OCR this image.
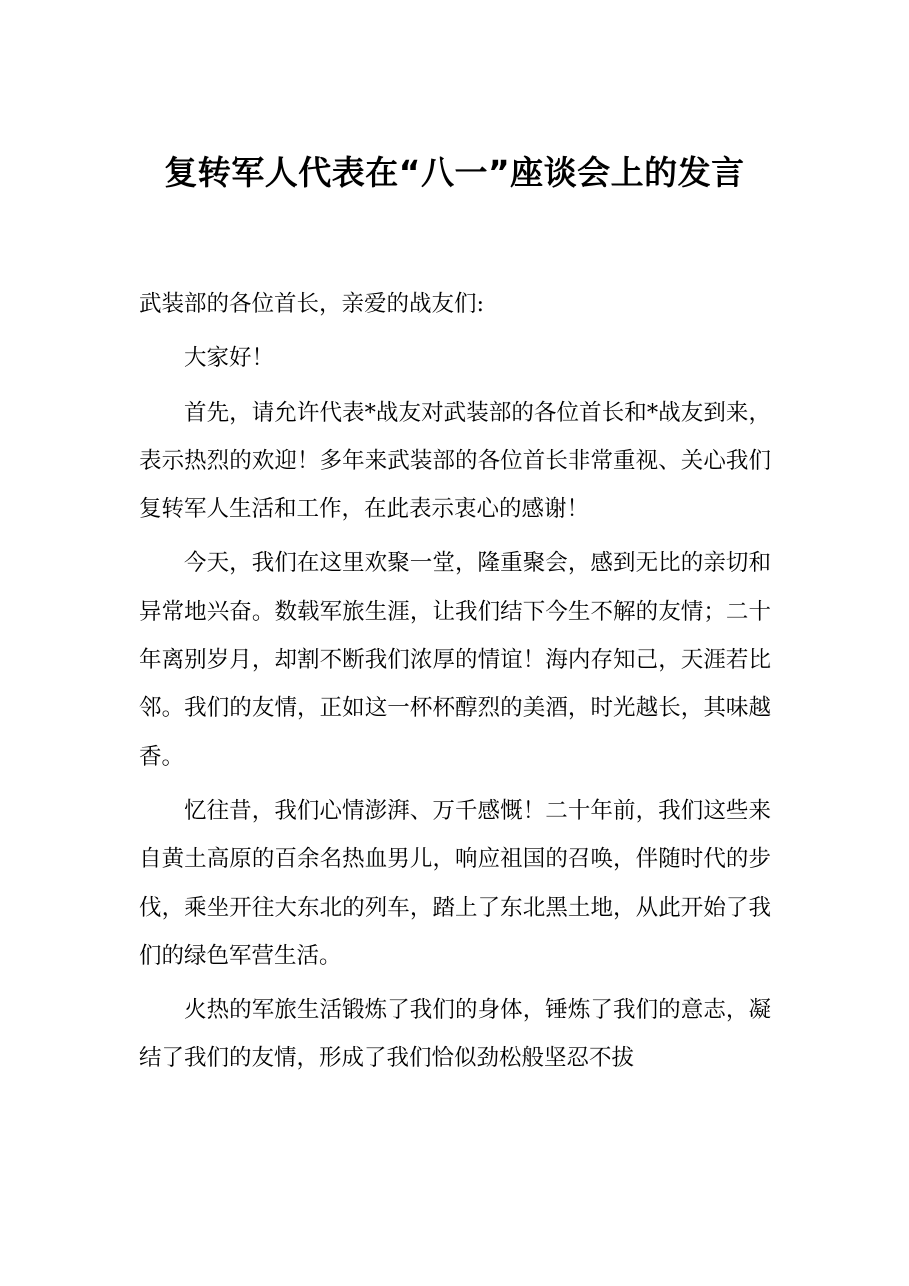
复转军人代表在“八一”座谈会上的发言

武装部的各位首长，亲爱的战友们:

大家好！

首先，请允许代表*战友对武装部的各位首长和*战友到来，表示热烈的欢迎！多年来武装部的各位首长非常重视、关心我们复转军人生活和工作，在此表示衷心的感谢！

今天，我们在这里欢聚一堂，隆重聚会，感到无比的亲切和异常地兴奋。数载军旅生涯，让我们结下今生不解的友情；二十年离别岁月，却割不断我们浓厚的情谊！海内存知己，天涯若比邻。我们的友情，正如这一杯杯醇烈的美酒，时光越长，其味越香。

忆往昔，我们心情澎湃、万千感慨！二十年前，我们这些来自黄土高原的百余名热血男儿，响应祖国的召唤，伴随时代的步伐，乘坐开往大东北的列车，踏上了东北黑土地，从此开始了我们的绿色军营生活。

火热的军旅生活锻炼了我们的身体，锤炼了我们的意志，凝结了我们的友情，形成了我们恰似劲松般坚忍不拔
